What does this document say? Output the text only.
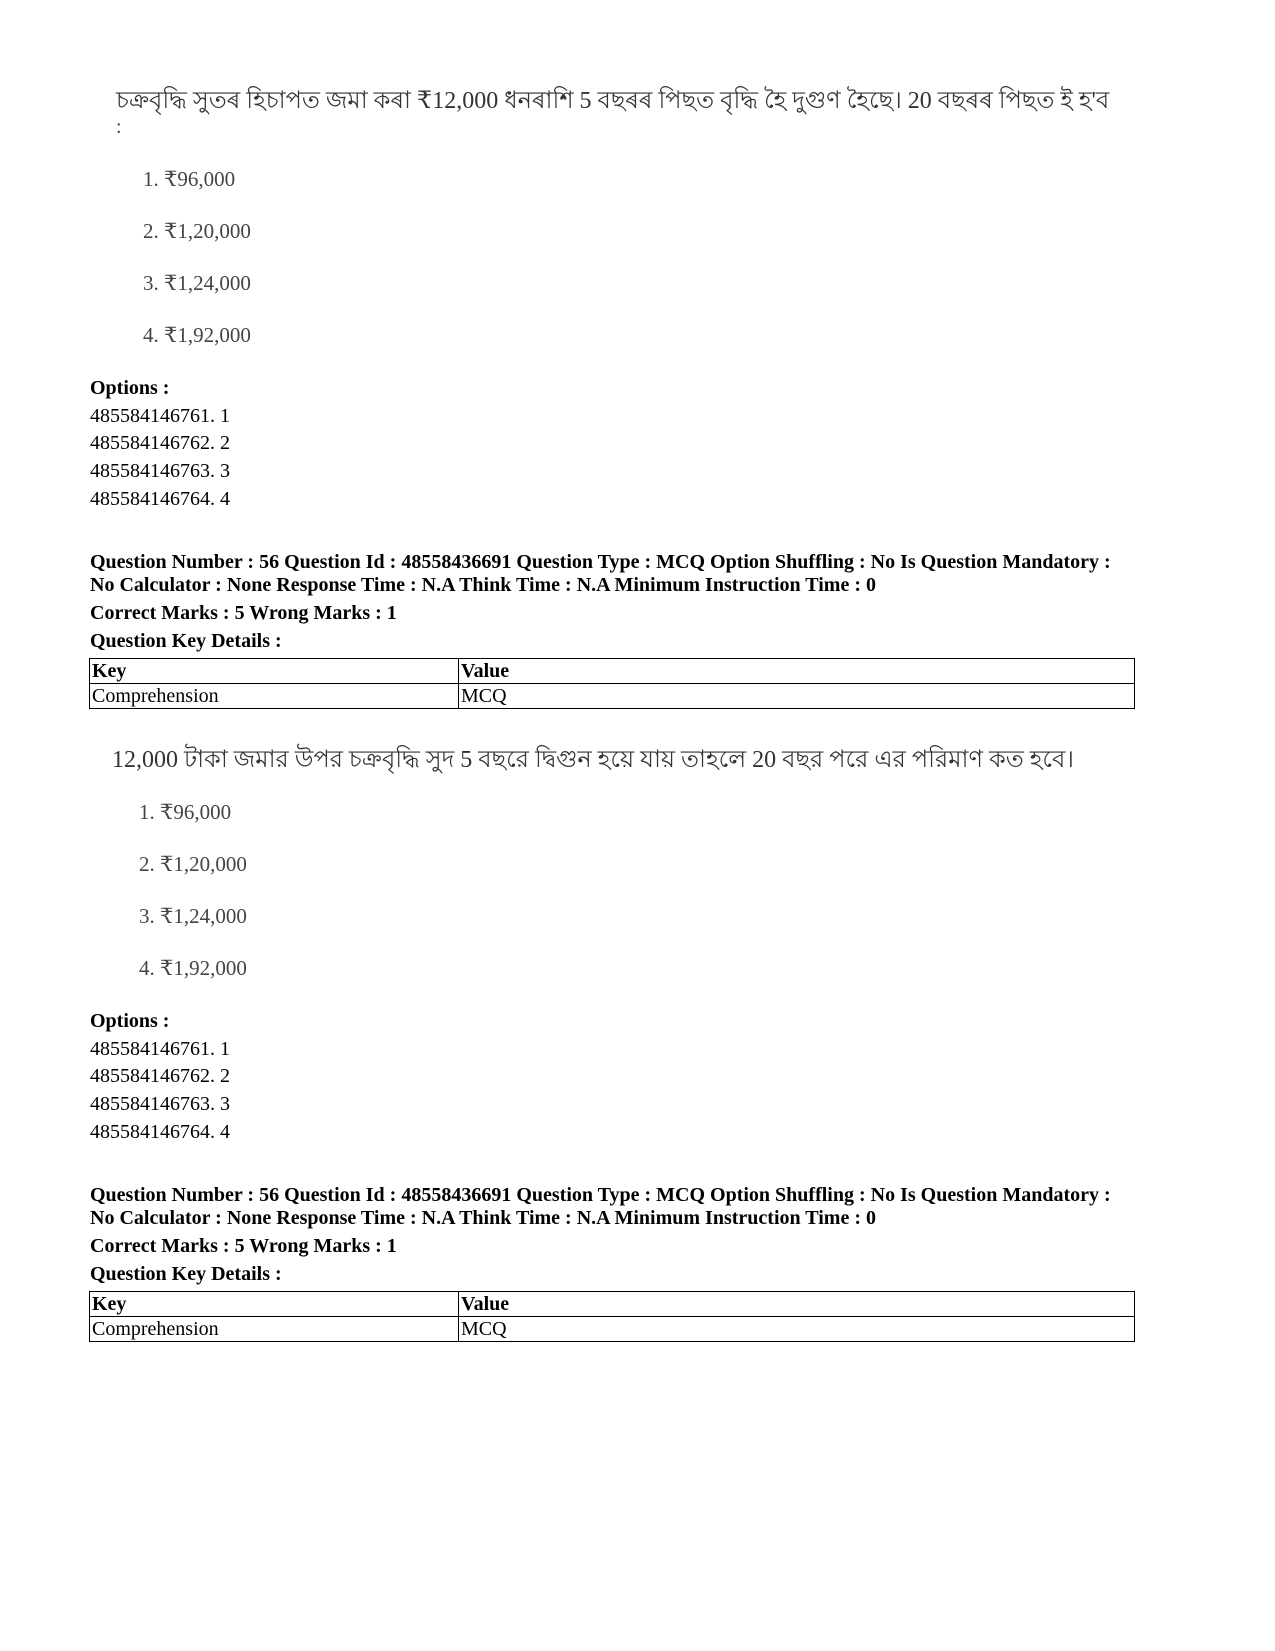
চক্ৰবৃদ্ধি সুতৰ হিচাপত জমা কৰা ₹12,000 ধনৰাশি 5 বছৰৰ পিছত বৃদ্ধি হৈ দুগুণ হৈছে। 20 বছৰৰ পিছত ই হ'ব
:
1. ₹96,000
2. ₹1,20,000
3. ₹1,24,000
4. ₹1,92,000
Options :
485584146761. 1
485584146762. 2
485584146763. 3
485584146764. 4
Question Number : 56 Question Id : 48558436691 Question Type : MCQ Option Shuffling : No Is Question Mandatory :
No Calculator : None Response Time : N.A Think Time : N.A Minimum Instruction Time : 0
Correct Marks : 5 Wrong Marks : 1
Question Key Details :
Key	Value
Comprehension	MCQ
12,000 টাকা জমার উপর চক্রবৃদ্ধি সুদ 5 বছরে দ্বিগুন হয়ে যায় তাহলে 20 বছর পরে এর পরিমাণ কত হবে।
1. ₹96,000
2. ₹1,20,000
3. ₹1,24,000
4. ₹1,92,000
Options :
485584146761. 1
485584146762. 2
485584146763. 3
485584146764. 4
Question Number : 56 Question Id : 48558436691 Question Type : MCQ Option Shuffling : No Is Question Mandatory :
No Calculator : None Response Time : N.A Think Time : N.A Minimum Instruction Time : 0
Correct Marks : 5 Wrong Marks : 1
Question Key Details :
Key	Value
Comprehension	MCQ
